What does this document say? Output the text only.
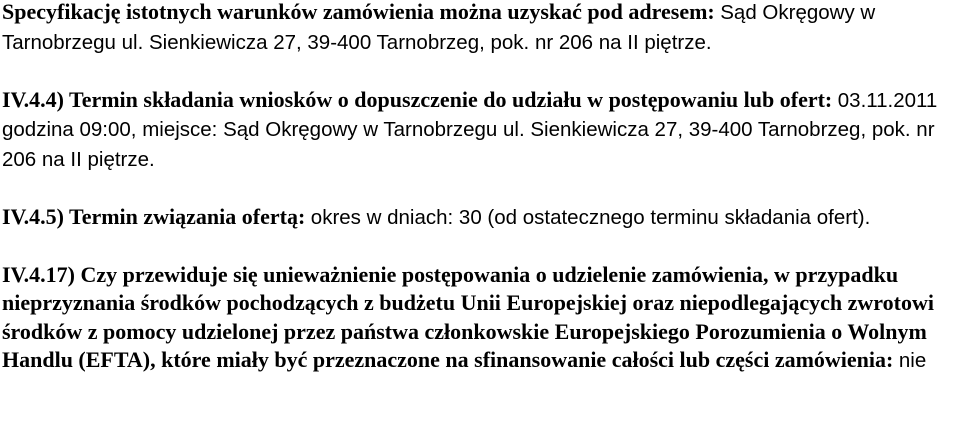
Specyfikację istotnych warunków zamówienia można uzyskać pod adresem: Sąd Okręgowy w Tarnobrzegu ul. Sienkiewicza 27, 39-400 Tarnobrzeg, pok. nr 206 na II piętrze.

IV.4.4) Termin składania wniosków o dopuszczenie do udziału w postępowaniu lub ofert: 03.11.2011 godzina 09:00, miejsce: Sąd Okręgowy w Tarnobrzegu ul. Sienkiewicza 27, 39-400 Tarnobrzeg, pok. nr 206 na II piętrze.

IV.4.5) Termin związania ofertą: okres w dniach: 30 (od ostatecznego terminu składania ofert).

IV.4.17) Czy przewiduje się unieważnienie postępowania o udzielenie zamówienia, w przypadku nieprzyznania środków pochodzących z budżetu Unii Europejskiej oraz niepodlegających zwrotowi środków z pomocy udzielonej przez państwa członkowskie Europejskiego Porozumienia o Wolnym Handlu (EFTA), które miały być przeznaczone na sfinansowanie całości lub części zamówienia: nie
